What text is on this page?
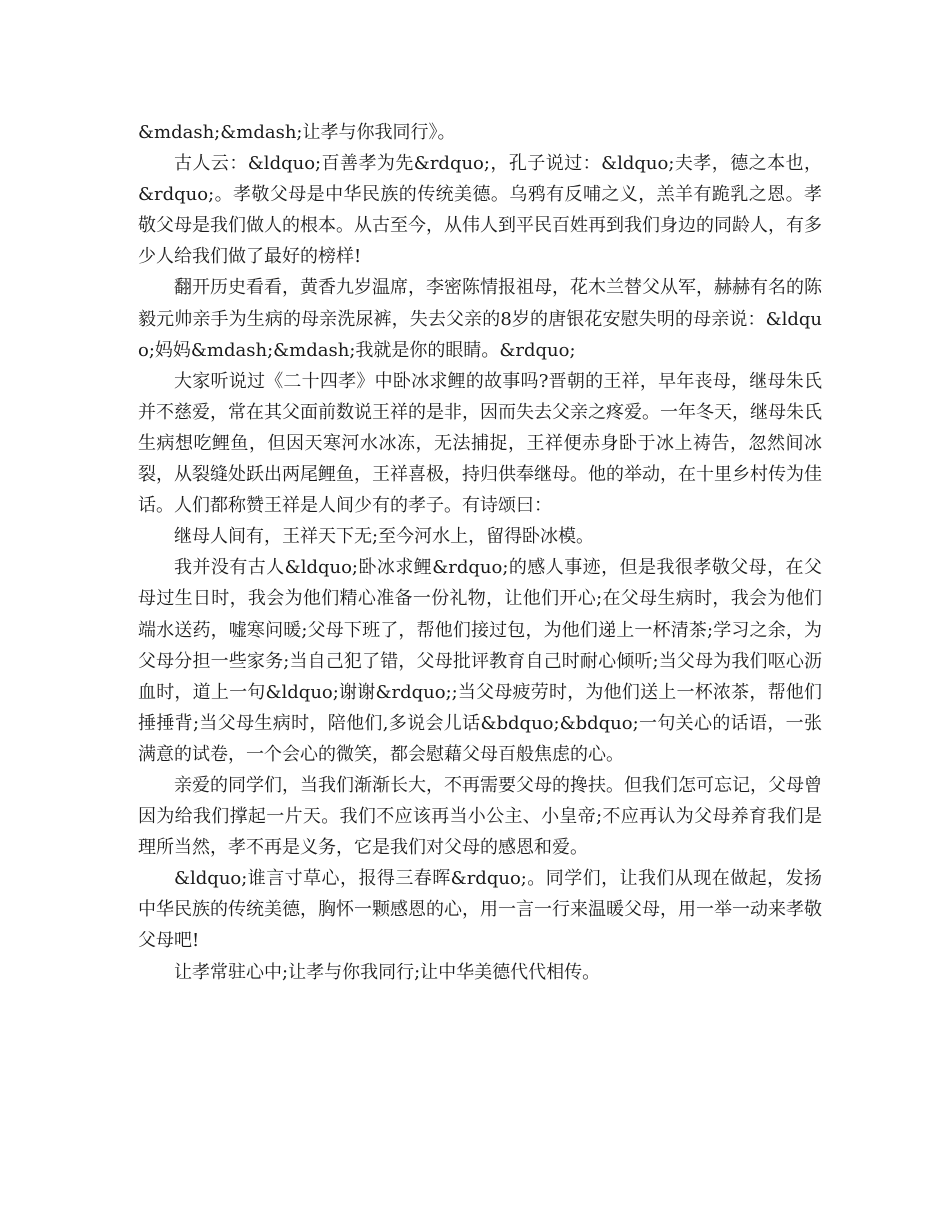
&mdash;&mdash;让孝与你我同行》。

古人云：&ldquo;百善孝为先&rdquo;，孔子说过：&ldquo;夫孝，德之本也，&rdquo;。孝敬父母是中华民族的传统美德。乌鸦有反哺之义，羔羊有跪乳之恩。孝敬父母是我们做人的根本。从古至今，从伟人到平民百姓再到我们身边的同龄人，有多少人给我们做了最好的榜样!

翻开历史看看，黄香九岁温席，李密陈情报祖母，花木兰替父从军，赫赫有名的陈毅元帅亲手为生病的母亲洗尿裤，失去父亲的8岁的唐银花安慰失明的母亲说：&ldquo;妈妈&mdash;&mdash;我就是你的眼睛。&rdquo;

大家听说过《二十四孝》中卧冰求鲤的故事吗?晋朝的王祥，早年丧母，继母朱氏并不慈爱，常在其父面前数说王祥的是非，因而失去父亲之疼爱。一年冬天，继母朱氏生病想吃鲤鱼，但因天寒河水冰冻，无法捕捉，王祥便赤身卧于冰上祷告，忽然间冰裂，从裂缝处跃出两尾鲤鱼，王祥喜极，持归供奉继母。他的举动，在十里乡村传为佳话。人们都称赞王祥是人间少有的孝子。有诗颂曰：

继母人间有，王祥天下无;至今河水上，留得卧冰模。

我并没有古人&ldquo;卧冰求鲤&rdquo;的感人事迹，但是我很孝敬父母，在父母过生日时，我会为他们精心准备一份礼物，让他们开心;在父母生病时，我会为他们端水送药，嘘寒问暖;父母下班了，帮他们接过包，为他们递上一杯清茶;学习之余，为父母分担一些家务;当自己犯了错，父母批评教育自己时耐心倾听;当父母为我们呕心沥血时，道上一句&ldquo;谢谢&rdquo;;当父母疲劳时，为他们送上一杯浓茶，帮他们捶捶背;当父母生病时，陪他们,多说会儿话&bdquo;&bdquo;一句关心的话语，一张满意的试卷，一个会心的微笑，都会慰藉父母百般焦虑的心。

亲爱的同学们，当我们渐渐长大，不再需要父母的搀扶。但我们怎可忘记，父母曾因为给我们撑起一片天。我们不应该再当小公主、小皇帝;不应再认为父母养育我们是理所当然，孝不再是义务，它是我们对父母的感恩和爱。

&ldquo;谁言寸草心，报得三春晖&rdquo;。同学们，让我们从现在做起，发扬中华民族的传统美德，胸怀一颗感恩的心，用一言一行来温暖父母，用一举一动来孝敬父母吧!

让孝常驻心中;让孝与你我同行;让中华美德代代相传。
